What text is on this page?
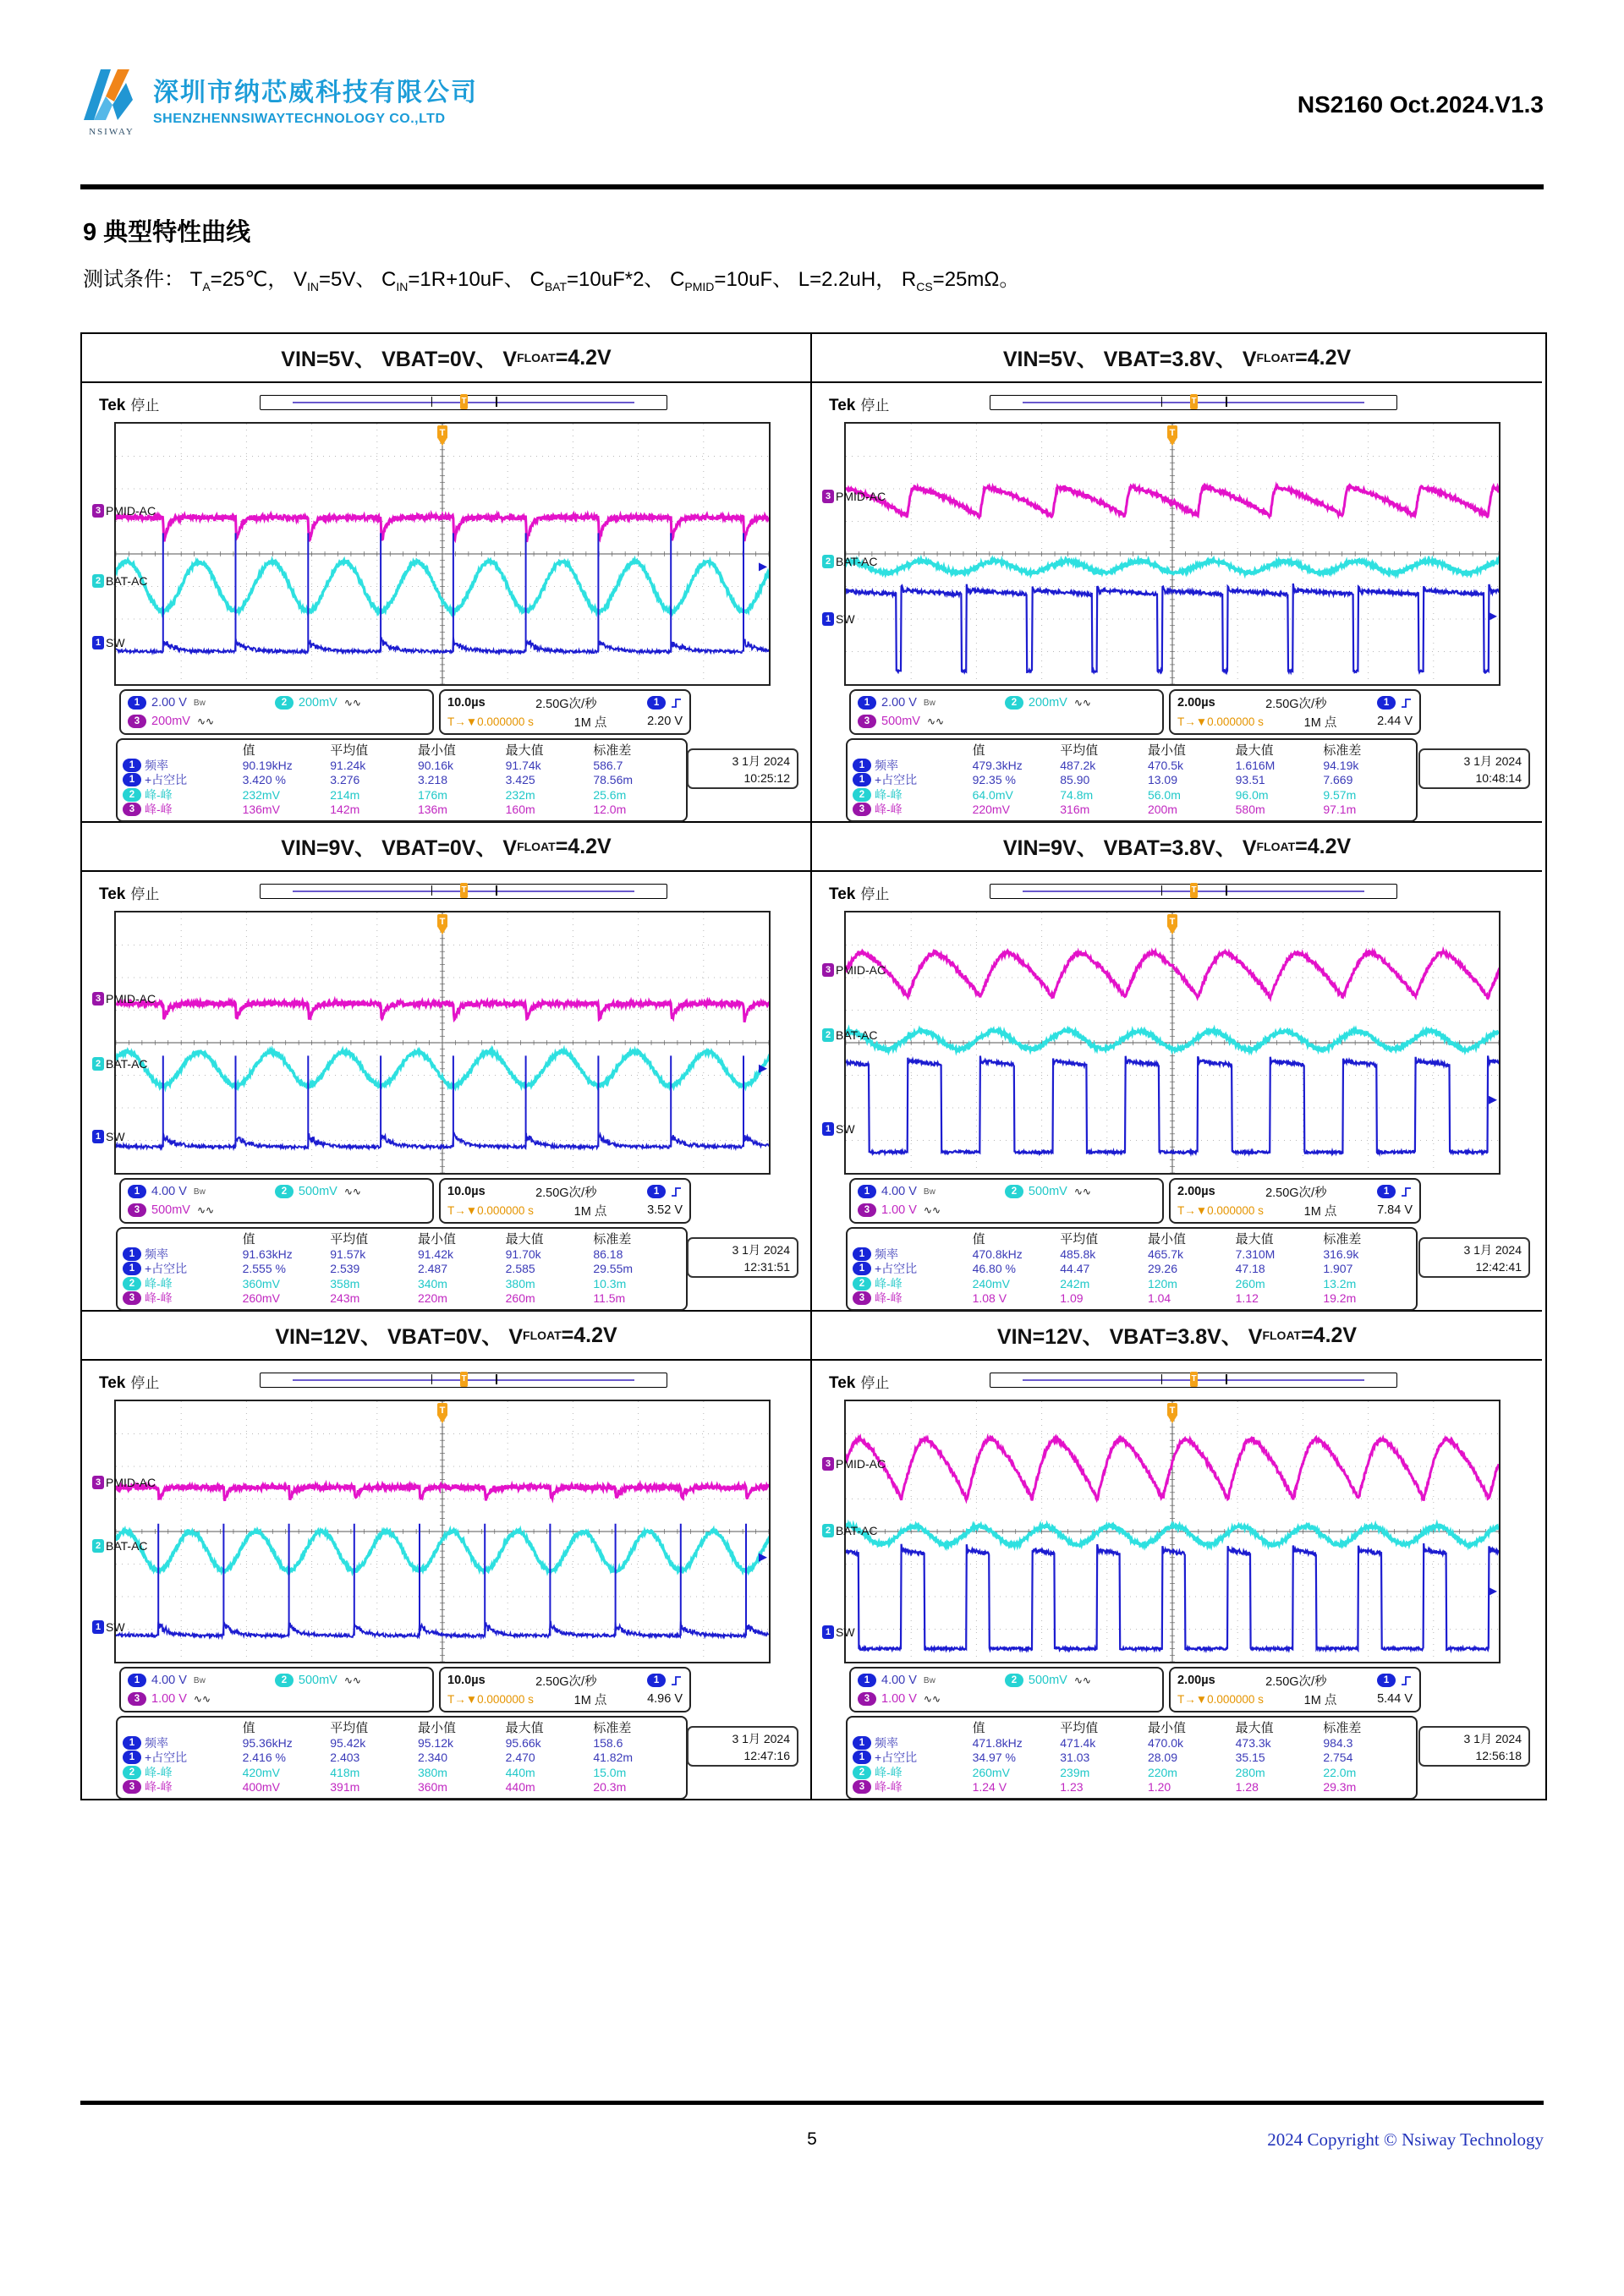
NSIWAY
深圳市纳芯威科技有限公司
SHENZHENNSIWAYTECHNOLOGY CO.,LTD
NS2160 Oct.2024.V1.3
9 典型特性曲线
测试条件： $T_A=25℃$， $V_{IN}=5V$、 $C_{IN}=1R+10uF$、 $C_{BAT}=10uF*2$、 $C_{PMID}=10uF$、 L=2.2uH， $R_{CS}=25m\Omega$。
VIN=5V、 VBAT=0V、 V FLOAT =4.2V	VIN=5V、 VBAT=3.8V、 V FLOAT =4.2V
Tek 停止	T
T
3 PMID-AC
2 BAT-AC
1 SW
1 2.00 V Bw	2 200mV ∿∿
3 200mV ∿∿
10.0µs	2.50G次/秒	1
T→▼0.000000 s	1M 点	2.20 V
值	平均值	最小值	最大值	标准差
1 频率	90.19kHz	91.24k	90.16k	91.74k	586.7
1 +占空比	3.420 %	3.276	3.218	3.425	78.56m
2 峰-峰	232mV	214m	176m	232m	25.6m
3 峰-峰	136mV	142m	136m	160m	12.0m
3 1月 2024
10:25:12
Tek 停止	T
T
3 PMID-AC
2 BAT-AC
1 SW
1 2.00 V Bw	2 200mV ∿∿
3 500mV ∿∿
2.00µs	2.50G次/秒	1
T→▼0.000000 s	1M 点	2.44 V
值	平均值	最小值	最大值	标准差
1 频率	479.3kHz	487.2k	470.5k	1.616M	94.19k
1 +占空比	92.35 %	85.90	13.09	93.51	7.669
2 峰-峰	64.0mV	74.8m	56.0m	96.0m	9.57m
3 峰-峰	220mV	316m	200m	580m	97.1m
3 1月 2024
10:48:14
VIN=9V、 VBAT=0V、 V FLOAT =4.2V	VIN=9V、 VBAT=3.8V、 V FLOAT =4.2V
Tek 停止	T
T
3 PMID-AC
2 BAT-AC
1 SW
1 4.00 V Bw	2 500mV ∿∿
3 500mV ∿∿
10.0µs	2.50G次/秒	1
T→▼0.000000 s	1M 点	3.52 V
值	平均值	最小值	最大值	标准差
1 频率	91.63kHz	91.57k	91.42k	91.70k	86.18
1 +占空比	2.555 %	2.539	2.487	2.585	29.55m
2 峰-峰	360mV	358m	340m	380m	10.3m
3 峰-峰	260mV	243m	220m	260m	11.5m
3 1月 2024
12:31:51
Tek 停止	T
T
3 PMID-AC
2 BAT-AC
1 SW
1 4.00 V Bw	2 500mV ∿∿
3 1.00 V ∿∿
2.00µs	2.50G次/秒	1
T→▼0.000000 s	1M 点	7.84 V
值	平均值	最小值	最大值	标准差
1 频率	470.8kHz	485.8k	465.7k	7.310M	316.9k
1 +占空比	46.80 %	44.47	29.26	47.18	1.907
2 峰-峰	240mV	242m	120m	260m	13.2m
3 峰-峰	1.08 V	1.09	1.04	1.12	19.2m
3 1月 2024
12:42:41
VIN=12V、 VBAT=0V、 V FLOAT =4.2V	VIN=12V、 VBAT=3.8V、 V FLOAT =4.2V
Tek 停止	T
T
3 PMID-AC
2 BAT-AC
1 SW
1 4.00 V Bw	2 500mV ∿∿
3 1.00 V ∿∿
10.0µs	2.50G次/秒	1
T→▼0.000000 s	1M 点	4.96 V
值	平均值	最小值	最大值	标准差
1 频率	95.36kHz	95.42k	95.12k	95.66k	158.6
1 +占空比	2.416 %	2.403	2.340	2.470	41.82m
2 峰-峰	420mV	418m	380m	440m	15.0m
3 峰-峰	400mV	391m	360m	440m	20.3m
3 1月 2024
12:47:16
Tek 停止	T
T
3 PMID-AC
2 BAT-AC
1 SW
1 4.00 V Bw	2 500mV ∿∿
3 1.00 V ∿∿
2.00µs	2.50G次/秒	1
T→▼0.000000 s	1M 点	5.44 V
值	平均值	最小值	最大值	标准差
1 频率	471.8kHz	471.4k	470.0k	473.3k	984.3
1 +占空比	34.97 %	31.03	28.09	35.15	2.754
2 峰-峰	260mV	239m	220m	280m	22.0m
3 峰-峰	1.24 V	1.23	1.20	1.28	29.3m
3 1月 2024
12:56:18
5	2024 Copyright © Nsiway Technology
